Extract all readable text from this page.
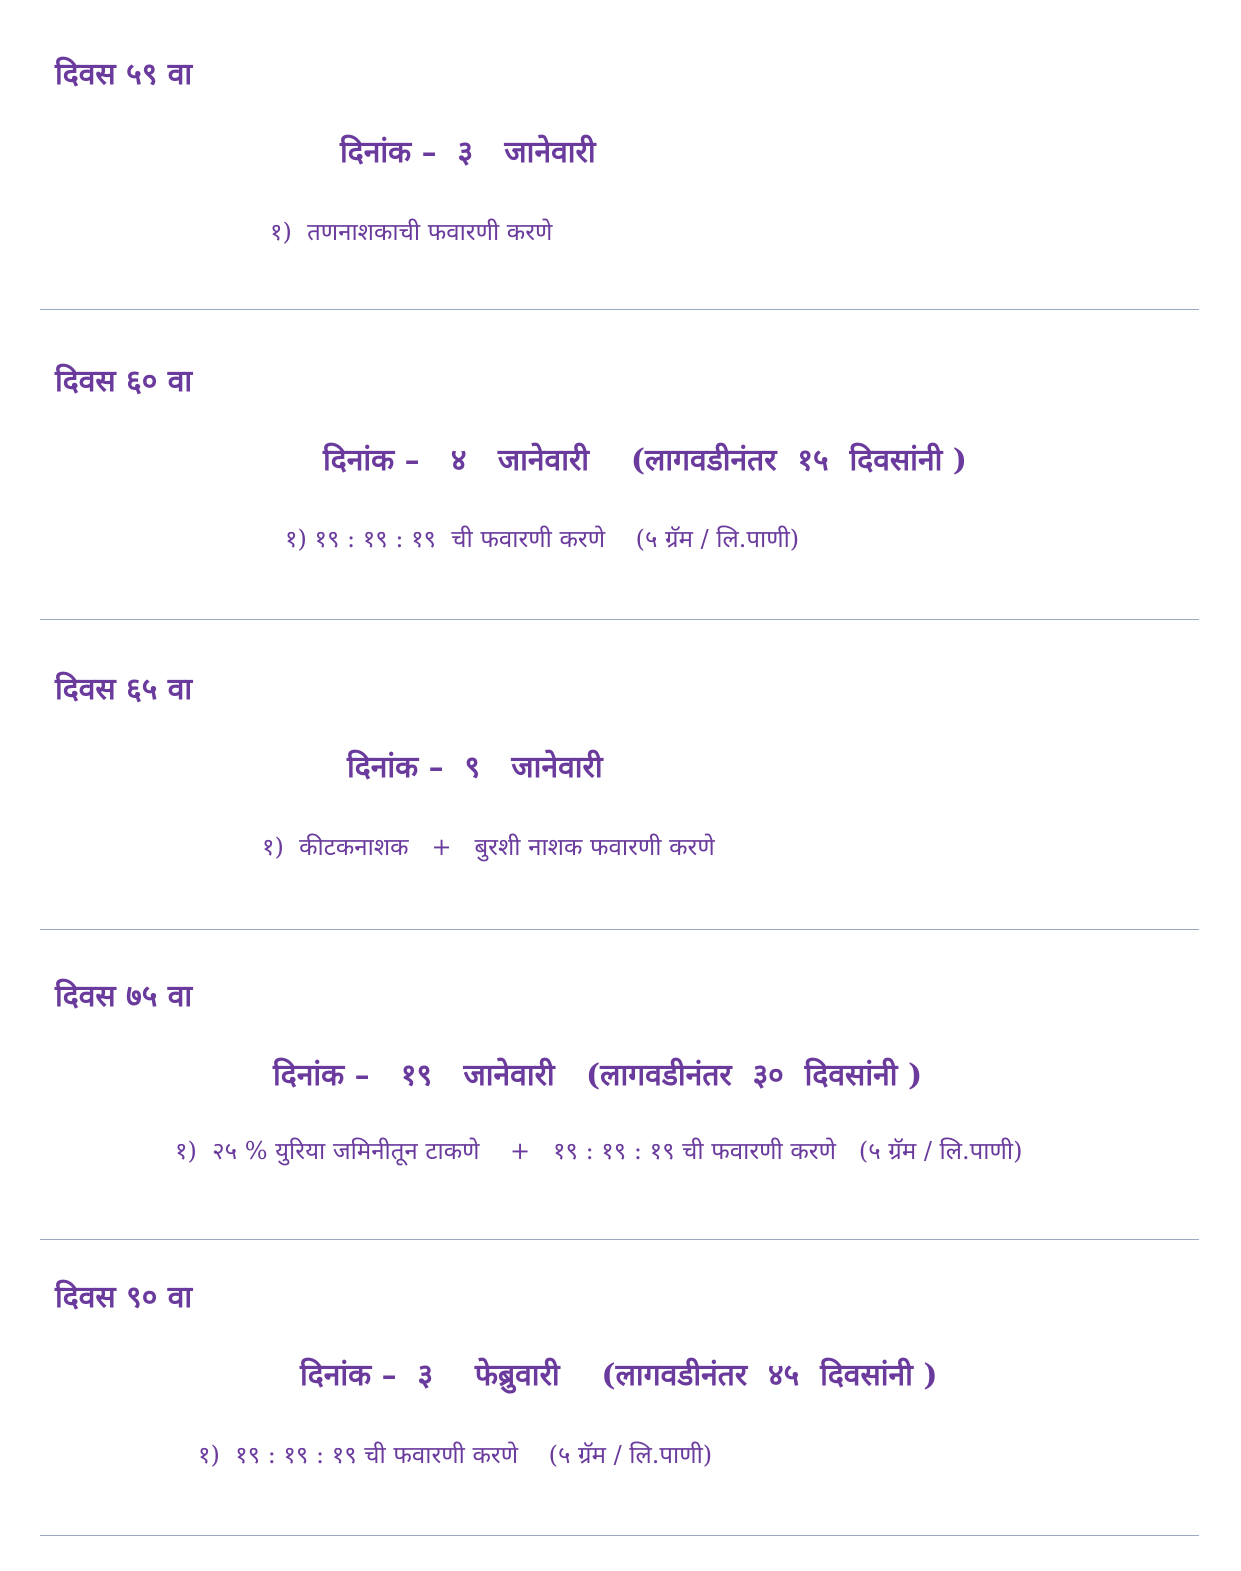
दिवस ५९ वा
दिनांक –  ३   जानेवारी
१)  तणनाशकाची फवारणी करणे
दिवस ६० वा
दिनांक –   ४   जानेवारी    (लागवडीनंतर  १५  दिवसांनी )
१) १९ : १९ : १९  ची फवारणी करणे    (५ ग्रॅम / लि.पाणी)
दिवस ६५ वा
दिनांक –  ९   जानेवारी
१)  कीटकनाशक   +   बुरशी नाशक फवारणी करणे
दिवस ७५ वा
दिनांक –   १९   जानेवारी   (लागवडीनंतर  ३०  दिवसांनी )
१)  २५ % युरिया जमिनीतून टाकणे    +   १९ : १९ : १९ ची फवारणी करणे   (५ ग्रॅम / लि.पाणी)
दिवस ९० वा
दिनांक –  ३    फेब्रुवारी    (लागवडीनंतर  ४५  दिवसांनी )
१)  १९ : १९ : १९ ची फवारणी करणे    (५ ग्रॅम / लि.पाणी)
